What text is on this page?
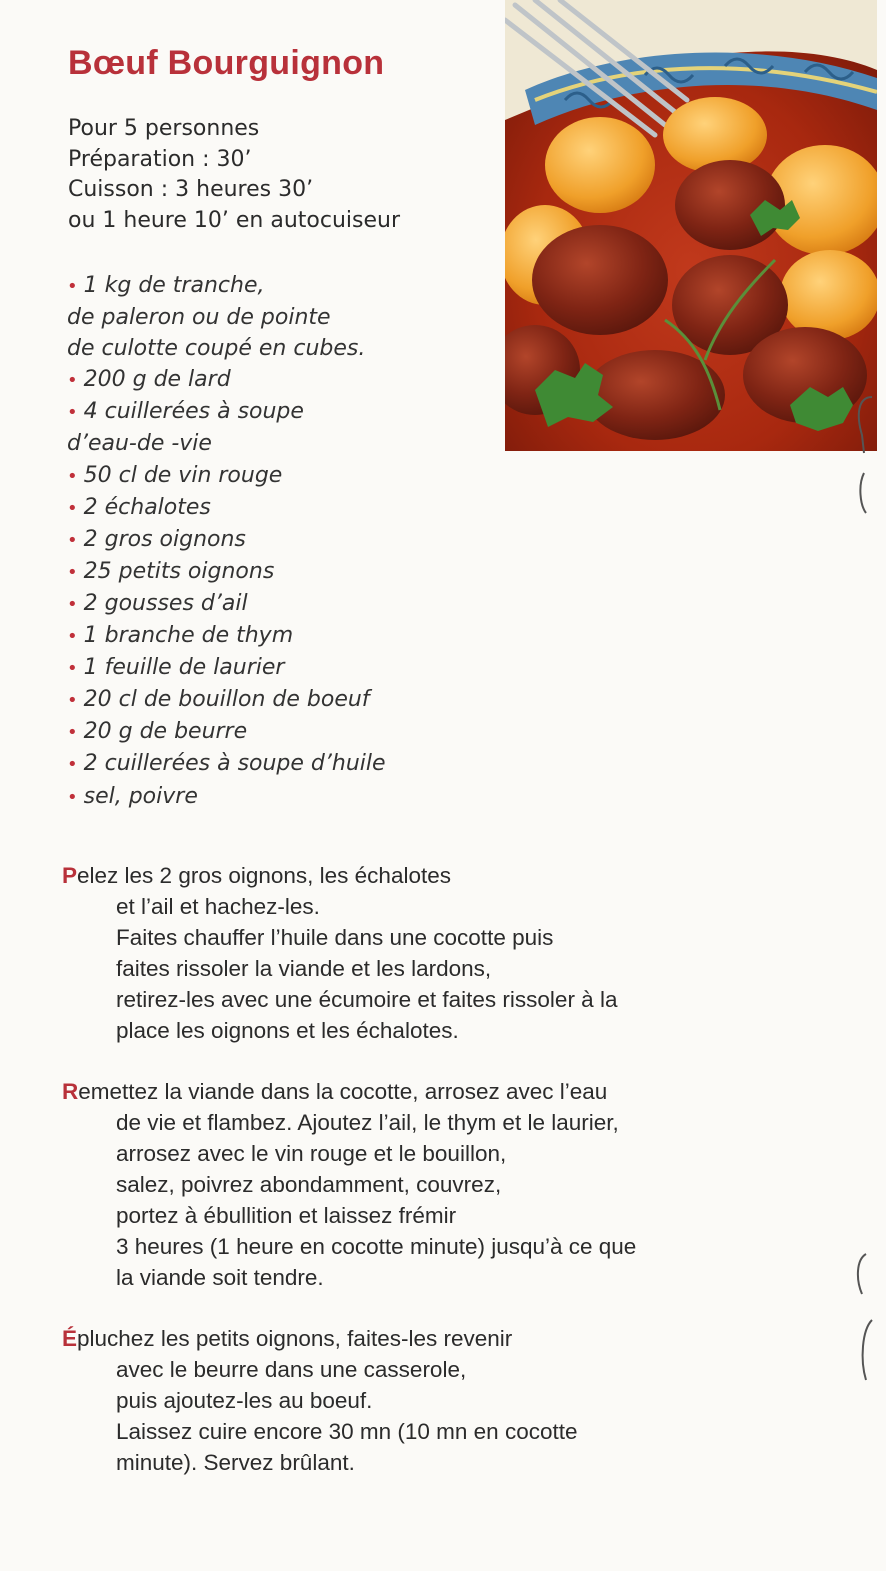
Bœuf Bourguignon
Pour 5 personnes
Préparation : 30’
Cuisson : 3 heures 30’
ou 1 heure 10’ en autocuiseur
• 1 kg de tranche,
de paleron ou de pointe
de culotte coupé en cubes.
• 200 g de lard
• 4 cuillerées à soupe
d’eau-de -vie
• 50 cl de vin rouge
• 2 échalotes
• 2 gros oignons
• 25 petits oignons
• 2 gousses d’ail
• 1 branche de thym
• 1 feuille de laurier
• 20 cl de bouillon de boeuf
• 20 g de beurre
• 2 cuillerées à soupe d’huile
• sel, poivre
Pelez les 2 gros oignons, les échalotes
et l’ail et hachez-les.
Faites chauffer l’huile dans une cocotte puis
faites rissoler la viande et les lardons,
retirez-les avec une écumoire et faites rissoler à la
place les oignons et les échalotes.
Remettez la viande dans la cocotte, arrosez avec l’eau
de vie et flambez. Ajoutez l’ail, le thym et le laurier,
arrosez avec le vin rouge et le bouillon,
salez, poivrez abondamment, couvrez,
portez à ébullition et laissez frémir
3 heures (1 heure en cocotte minute) jusqu’à ce que
la viande soit tendre.
Épluchez les petits oignons, faites-les revenir
avec le beurre dans une casserole,
puis ajoutez-les au boeuf.
Laissez cuire encore 30 mn (10 mn en cocotte
minute). Servez brûlant.
